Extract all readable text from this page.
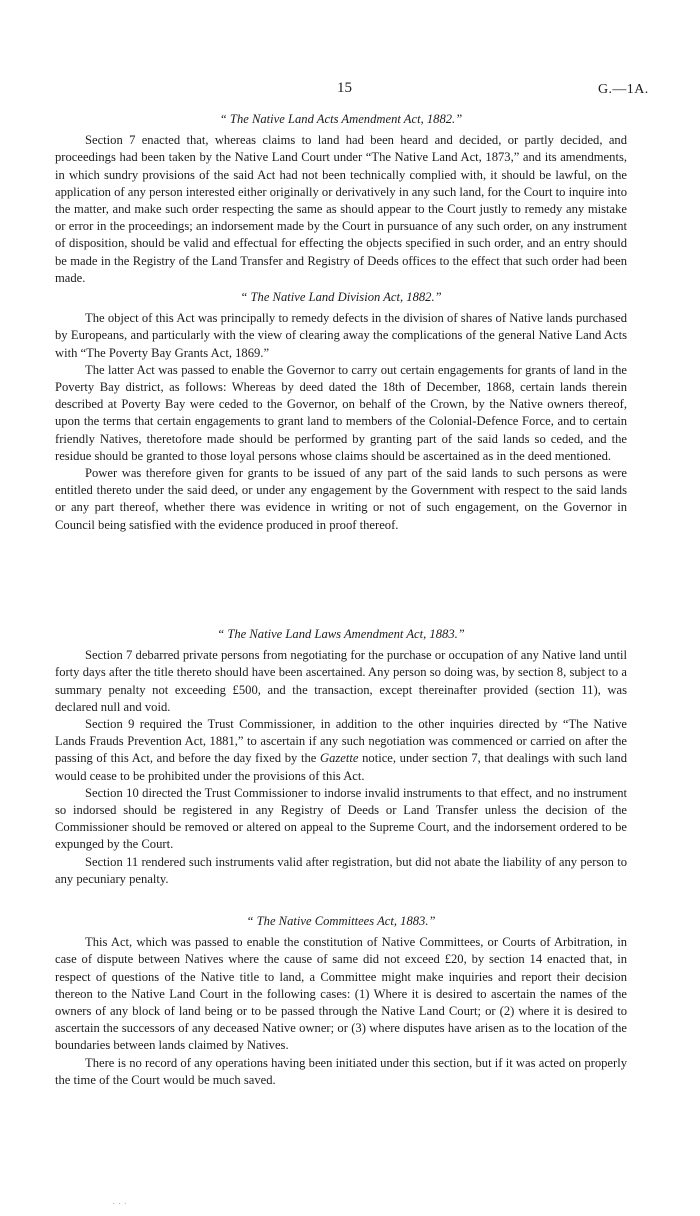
15	G.—1A.

“ The Native Land Acts Amendment Act, 1882.”

Section 7 enacted that, whereas claims to land had been heard and decided, or partly decided, and proceedings had been taken by the Native Land Court under “The Native Land Act, 1873,” and its amendments, in which sundry provisions of the said Act had not been technically complied with, it should be lawful, on the application of any person interested either originally or derivatively in any such land, for the Court to inquire into the matter, and make such order respecting the same as should appear to the Court justly to remedy any mistake or error in the proceedings; an indorsement made by the Court in pursuance of any such order, on any instrument of disposition, should be valid and effectual for effecting the objects specified in such order, and an entry should be made in the Registry of the Land Transfer and Registry of Deeds offices to the effect that such order had been made.

“ The Native Land Division Act, 1882.”

The object of this Act was principally to remedy defects in the division of shares of Native lands purchased by Europeans, and particularly with the view of clearing away the complications of the general Native Land Acts with “The Poverty Bay Grants Act, 1869.”

The latter Act was passed to enable the Governor to carry out certain engagements for grants of land in the Poverty Bay district, as follows: Whereas by deed dated the 18th of December, 1868, certain lands therein described at Poverty Bay were ceded to the Governor, on behalf of the Crown, by the Native owners thereof, upon the terms that certain engagements to grant land to members of the Colonial-Defence Force, and to certain friendly Natives, theretofore made should be performed by granting part of the said lands so ceded, and the residue should be granted to those loyal persons whose claims should be ascertained as in the deed mentioned.

Power was therefore given for grants to be issued of any part of the said lands to such persons as were entitled thereto under the said deed, or under any engagement by the Government with respect to the said lands or any part thereof, whether there was evidence in writing or not of such engagement, on the Governor in Council being satisfied with the evidence produced in proof thereof.

“ The Native Land Laws Amendment Act, 1883.”

Section 7 debarred private persons from negotiating for the purchase or occupation of any Native land until forty days after the title thereto should have been ascertained. Any person so doing was, by section 8, subject to a summary penalty not exceeding £500, and the transaction, except thereinafter provided (section 11), was declared null and void.

Section 9 required the Trust Commissioner, in addition to the other inquiries directed by “The Native Lands Frauds Prevention Act, 1881,” to ascertain if any such negotiation was commenced or carried on after the passing of this Act, and before the day fixed by the Gazette notice, under section 7, that dealings with such land would cease to be prohibited under the provisions of this Act.

Section 10 directed the Trust Commissioner to indorse invalid instruments to that effect, and no instrument so indorsed should be registered in any Registry of Deeds or Land Transfer unless the decision of the Commissioner should be removed or altered on appeal to the Supreme Court, and the indorsement ordered to be expunged by the Court.

Section 11 rendered such instruments valid after registration, but did not abate the liability of any person to any pecuniary penalty.

“ The Native Committees Act, 1883.”

This Act, which was passed to enable the constitution of Native Committees, or Courts of Arbitration, in case of dispute between Natives where the cause of same did not exceed £20, by section 14 enacted that, in respect of questions of the Native title to land, a Committee might make inquiries and report their decision thereon to the Native Land Court in the following cases: (1) Where it is desired to ascertain the names of the owners of any block of land being or to be passed through the Native Land Court; or (2) where it is desired to ascertain the successors of any deceased Native owner; or (3) where disputes have arisen as to the location of the boundaries between lands claimed by Natives.

There is no record of any operations having been initiated under this section, but if it was acted on properly the time of the Court would be much saved.

· · ·
